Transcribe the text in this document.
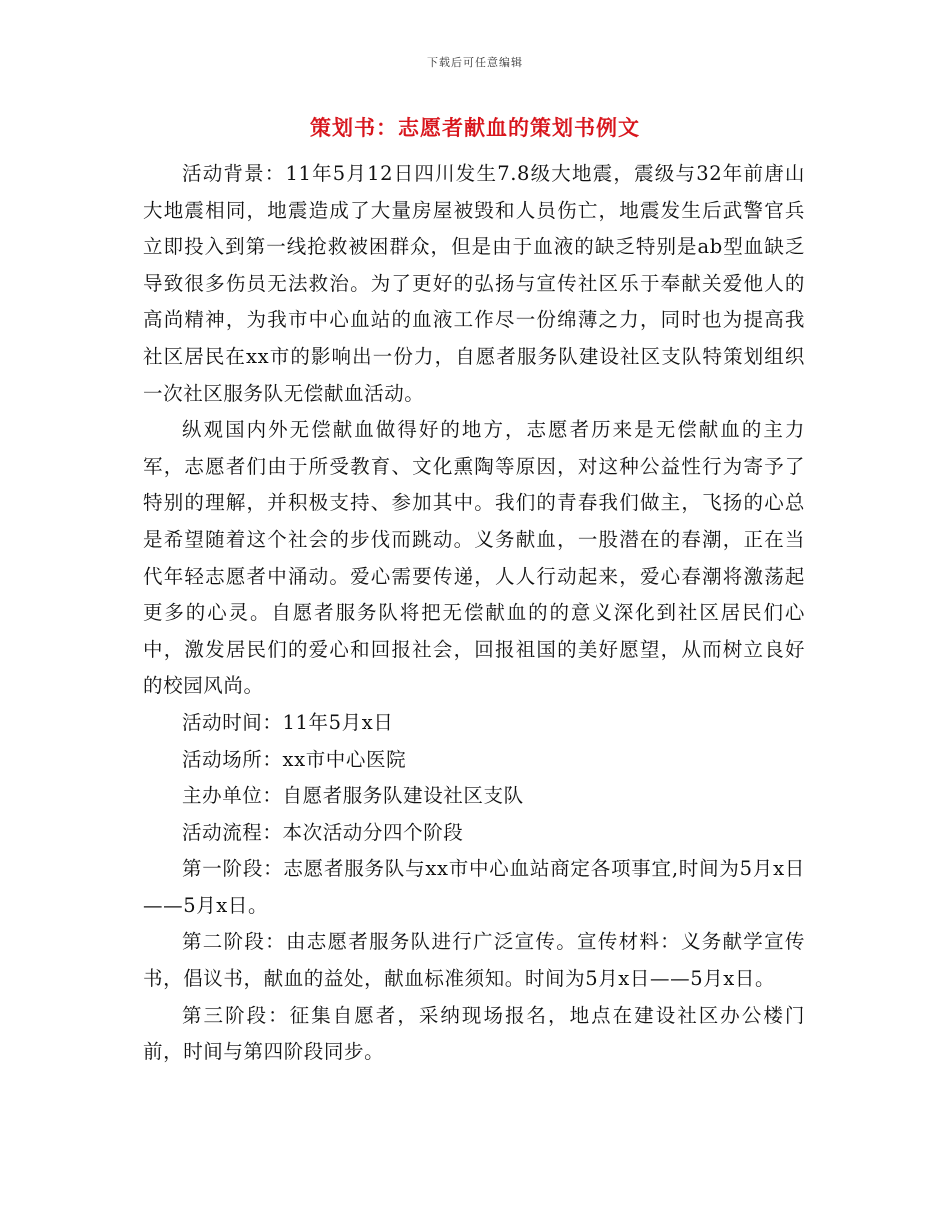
下载后可任意编辑
策划书：志愿者献血的策划书例文

活动背景：11年5月12日四川发生7.8级大地震，震级与32年前唐山大地震相同，地震造成了大量房屋被毁和人员伤亡，地震发生后武警官兵立即投入到第一线抢救被困群众，但是由于血液的缺乏特别是ab型血缺乏导致很多伤员无法救治。为了更好的弘扬与宣传社区乐于奉献关爱他人的高尚精神，为我市中心血站的血液工作尽一份绵薄之力，同时也为提高我社区居民在xx市的影响出一份力，自愿者服务队建设社区支队特策划组织一次社区服务队无偿献血活动。

纵观国内外无偿献血做得好的地方，志愿者历来是无偿献血的主力军，志愿者们由于所受教育、文化熏陶等原因，对这种公益性行为寄予了特别的理解，并积极支持、参加其中。我们的青春我们做主，飞扬的心总是希望随着这个社会的步伐而跳动。义务献血，一股潜在的春潮，正在当代年轻志愿者中涌动。爱心需要传递，人人行动起来，爱心春潮将激荡起更多的心灵。自愿者服务队将把无偿献血的的意义深化到社区居民们心中，激发居民们的爱心和回报社会，回报祖国的美好愿望，从而树立良好的校园风尚。

活动时间：11年5月x日

活动场所：xx市中心医院

主办单位：自愿者服务队建设社区支队

活动流程：本次活动分四个阶段

第一阶段：志愿者服务队与xx市中心血站商定各项事宜,时间为5月x日——5月x日。

第二阶段：由志愿者服务队进行广泛宣传。宣传材料：义务献学宣传书，倡议书，献血的益处，献血标准须知。时间为5月x日——5月x日。

第三阶段：征集自愿者，采纳现场报名，地点在建设社区办公楼门前，时间与第四阶段同步。
